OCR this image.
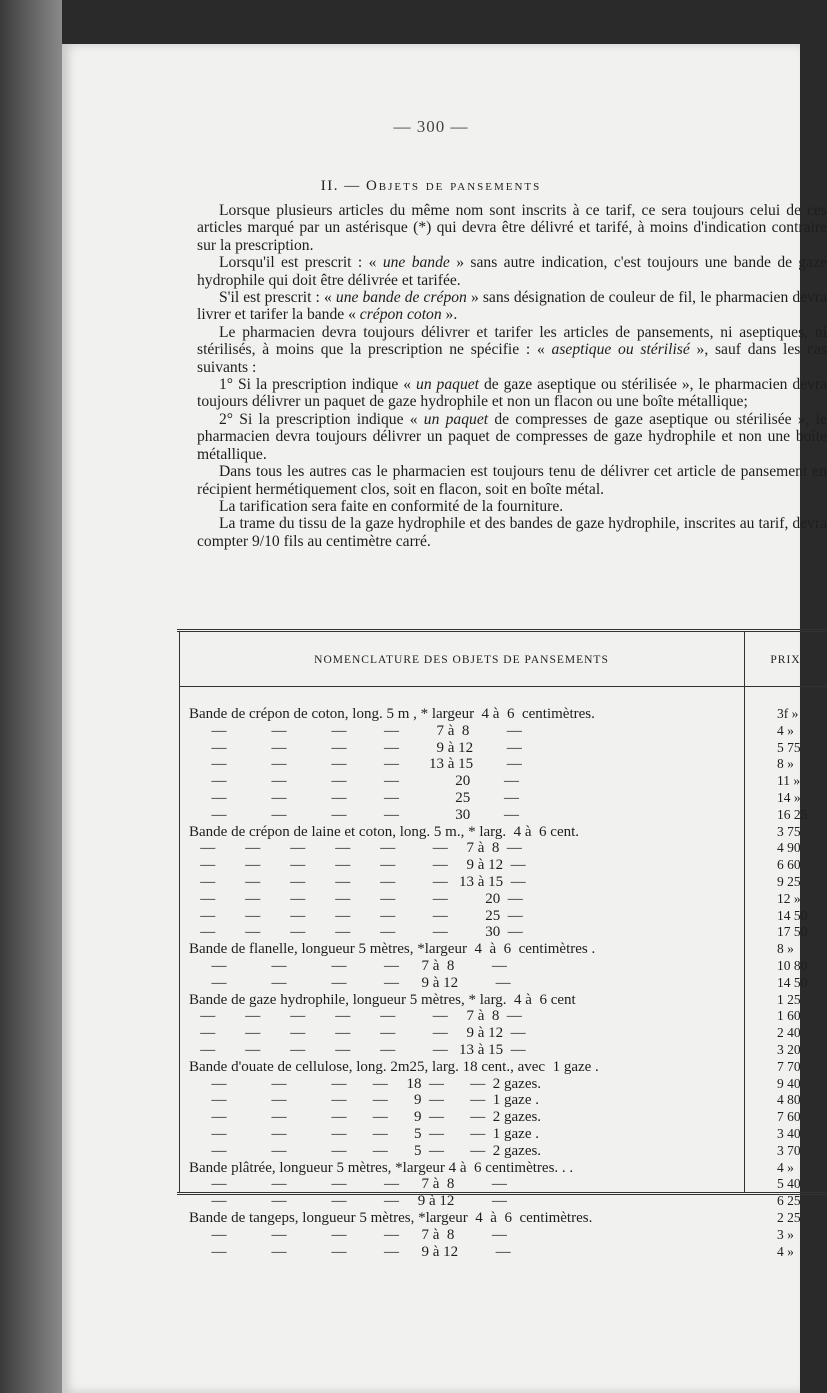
— 300 —
II. — Objets de pansements

Lorsque plusieurs articles du même nom sont inscrits à ce tarif, ce sera toujours celui de ces articles marqué par un astérisque (*) qui devra être délivré et tarifé, à moins d'indication contraire sur la prescription.

Lorsqu'il est prescrit : « une bande » sans autre indication, c'est toujours une bande de gaze hydrophile qui doit être délivrée et tarifée.

S'il est prescrit : « une bande de crépon » sans désignation de couleur de fil, le pharmacien devra livrer et tarifer la bande « crépon coton ».

Le pharmacien devra toujours délivrer et tarifer les articles de pansements, ni aseptiques, ni stérilisés, à moins que la prescription ne spécifie : « aseptique ou stérilisé », sauf dans les cas suivants :

1° Si la prescription indique « un paquet de gaze aseptique ou stérilisée », le pharmacien devra toujours délivrer un paquet de gaze hydrophile et non un flacon ou une boîte métallique;

2° Si la prescription indique « un paquet de compresses de gaze aseptique ou stérilisée », le pharmacien devra toujours délivrer un paquet de compresses de gaze hydrophile et non une boîte métallique.

Dans tous les autres cas le pharmacien est toujours tenu de délivrer cet article de pansement en récipient hermétiquement clos, soit en flacon, soit en boîte métal.

La tarification sera faite en conformité de la fourniture.

La trame du tissu de la gaze hydrophile et des bandes de gaze hydrophile, inscrites au tarif, devra compter 9/10 fils au centimètre carré.

NOMENCLATURE DES OBJETS DE PANSEMENTS	PRIX
Bande de crépon de coton, long. 5 m , * largeur  4 à  6  centimètres.	3f »
—            —            —          —          7 à  8          —	4 »
—            —            —          —          9 à 12         —	5 75
—            —            —          —        13 à 15         —	8 »
—            —            —          —               20         —	11 »
—            —            —          —               25         —	14 »
—            —            —          —               30         —	16 25
Bande de crépon de laine et coton, long. 5 m., * larg.  4 à  6 cent.	3 75
—        —        —        —        —          —     7 à  8  —	4 90
—        —        —        —        —          —     9 à 12  —	6 60
—        —        —        —        —          —   13 à 15  —	9 25
—        —        —        —        —          —          20  —	12 »
—        —        —        —        —          —          25  —	14 50
—        —        —        —        —          —          30  —	17 50
Bande de flanelle, longueur 5 mètres, *largeur  4  à  6  centimètres .	8 »
—            —            —          —      7 à  8          —	10 80
—            —            —          —      9 à 12          —	14 50
Bande de gaze hydrophile, longueur 5 mètres, * larg.  4 à  6 cent	1 25
—        —        —        —        —          —     7 à  8  —	1 60
—        —        —        —        —          —     9 à 12  —	2 40
—        —        —        —        —          —   13 à 15  —	3 20
Bande d'ouate de cellulose, long. 2m25, larg. 18 cent., avec  1 gaze .	7 70
—            —            —       —     18  —       —  2 gazes.	9 40
—            —            —       —       9  —       —  1 gaze .	4 80
—            —            —       —       9  —       —  2 gazes.	7 60
—            —            —       —       5  —       —  1 gaze .	3 40
—            —            —       —       5  —       —  2 gazes.	3 70
Bande plâtrée, longueur 5 mètres, *largeur 4 à  6 centimètres. . .	4 »
—            —            —          —      7 à  8          —	5 40
—            —            —          —     9 à 12          —	6 25
Bande de tangeps, longueur 5 mètres, *largeur  4  à  6  centimètres.	2 25
—            —            —          —      7 à  8          —	3 »
—            —            —          —      9 à 12          —	4 »
